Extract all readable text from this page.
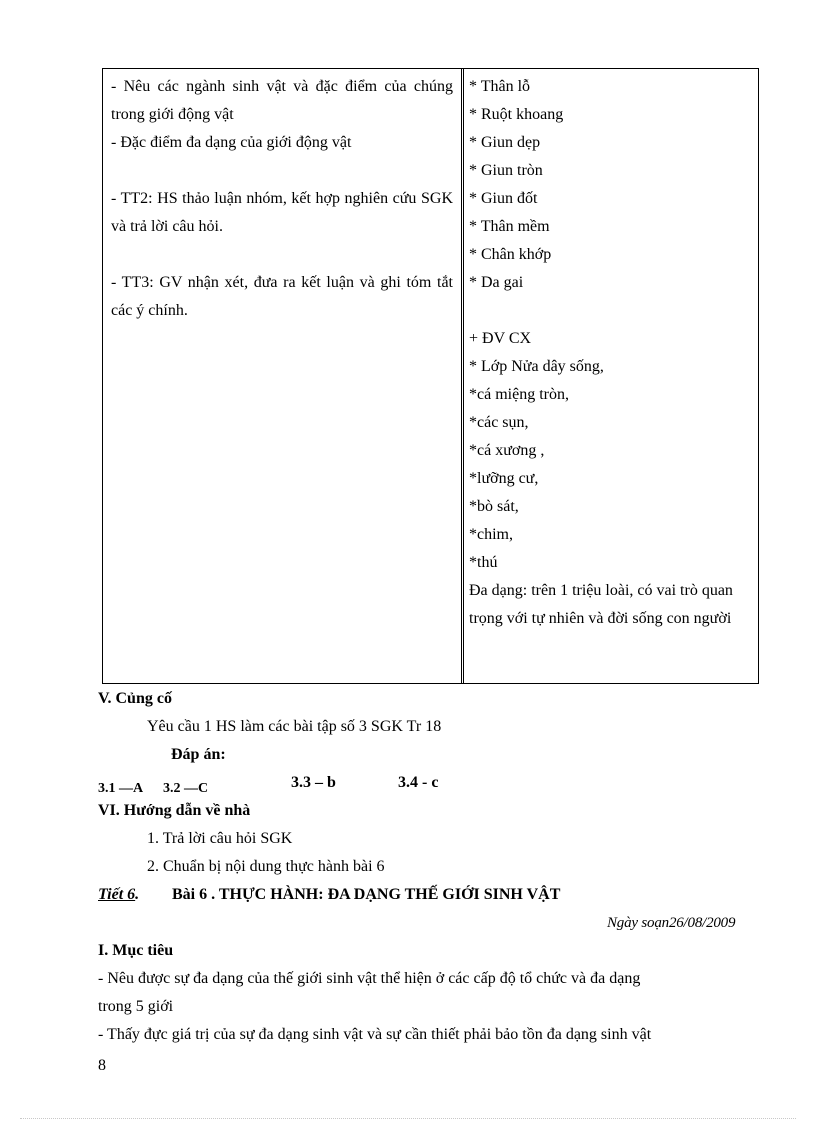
- Nêu các ngành sinh vật và đặc điểm của chúng trong giới động vật
- Đặc điểm đa dạng của giới động vật
- TT2: HS thảo luận nhóm, kết hợp nghiên cứu SGK và trả lời câu hỏi.
- TT3: GV nhận xét, đưa ra kết luận và ghi tóm tắt các ý chính.
* Thân lỗ
* Ruột khoang
* Giun dẹp
* Giun tròn
* Giun đốt
* Thân mềm
* Chân khớp
* Da gai
+ ĐV CX
* Lớp Nửa dây sống,
*cá miệng tròn,
*các sụn,
*cá xương ,
*lưỡng cư,
*bò sát,
*chim,
*thú
Đa dạng: trên 1 triệu loài, có vai trò quan trọng với tự nhiên và đời sống con người
V. Củng cố
Yêu cầu 1 HS làm các bài tập số 3 SGK Tr 18
Đáp án:
3.1 —A 3.2 —C	3.3 – b	3.4 - c
VI. Hướng dẫn về nhà
1. Trả lời câu hỏi SGK
2. Chuẩn bị nội dung thực hành bài 6
Tiết 6. Bài 6 . THỰC HÀNH: ĐA DẠNG THẾ GIỚI SINH VẬT
Ngày soạn26/08/2009
I. Mục tiêu
- Nêu được sự đa dạng của thế giới sinh vật thể hiện ở các cấp độ tổ chức và đa dạng
trong 5 giới
- Thấy đực giá trị của sự đa dạng sinh vật và sự cần thiết phải bảo tồn đa dạng sinh vật
8
